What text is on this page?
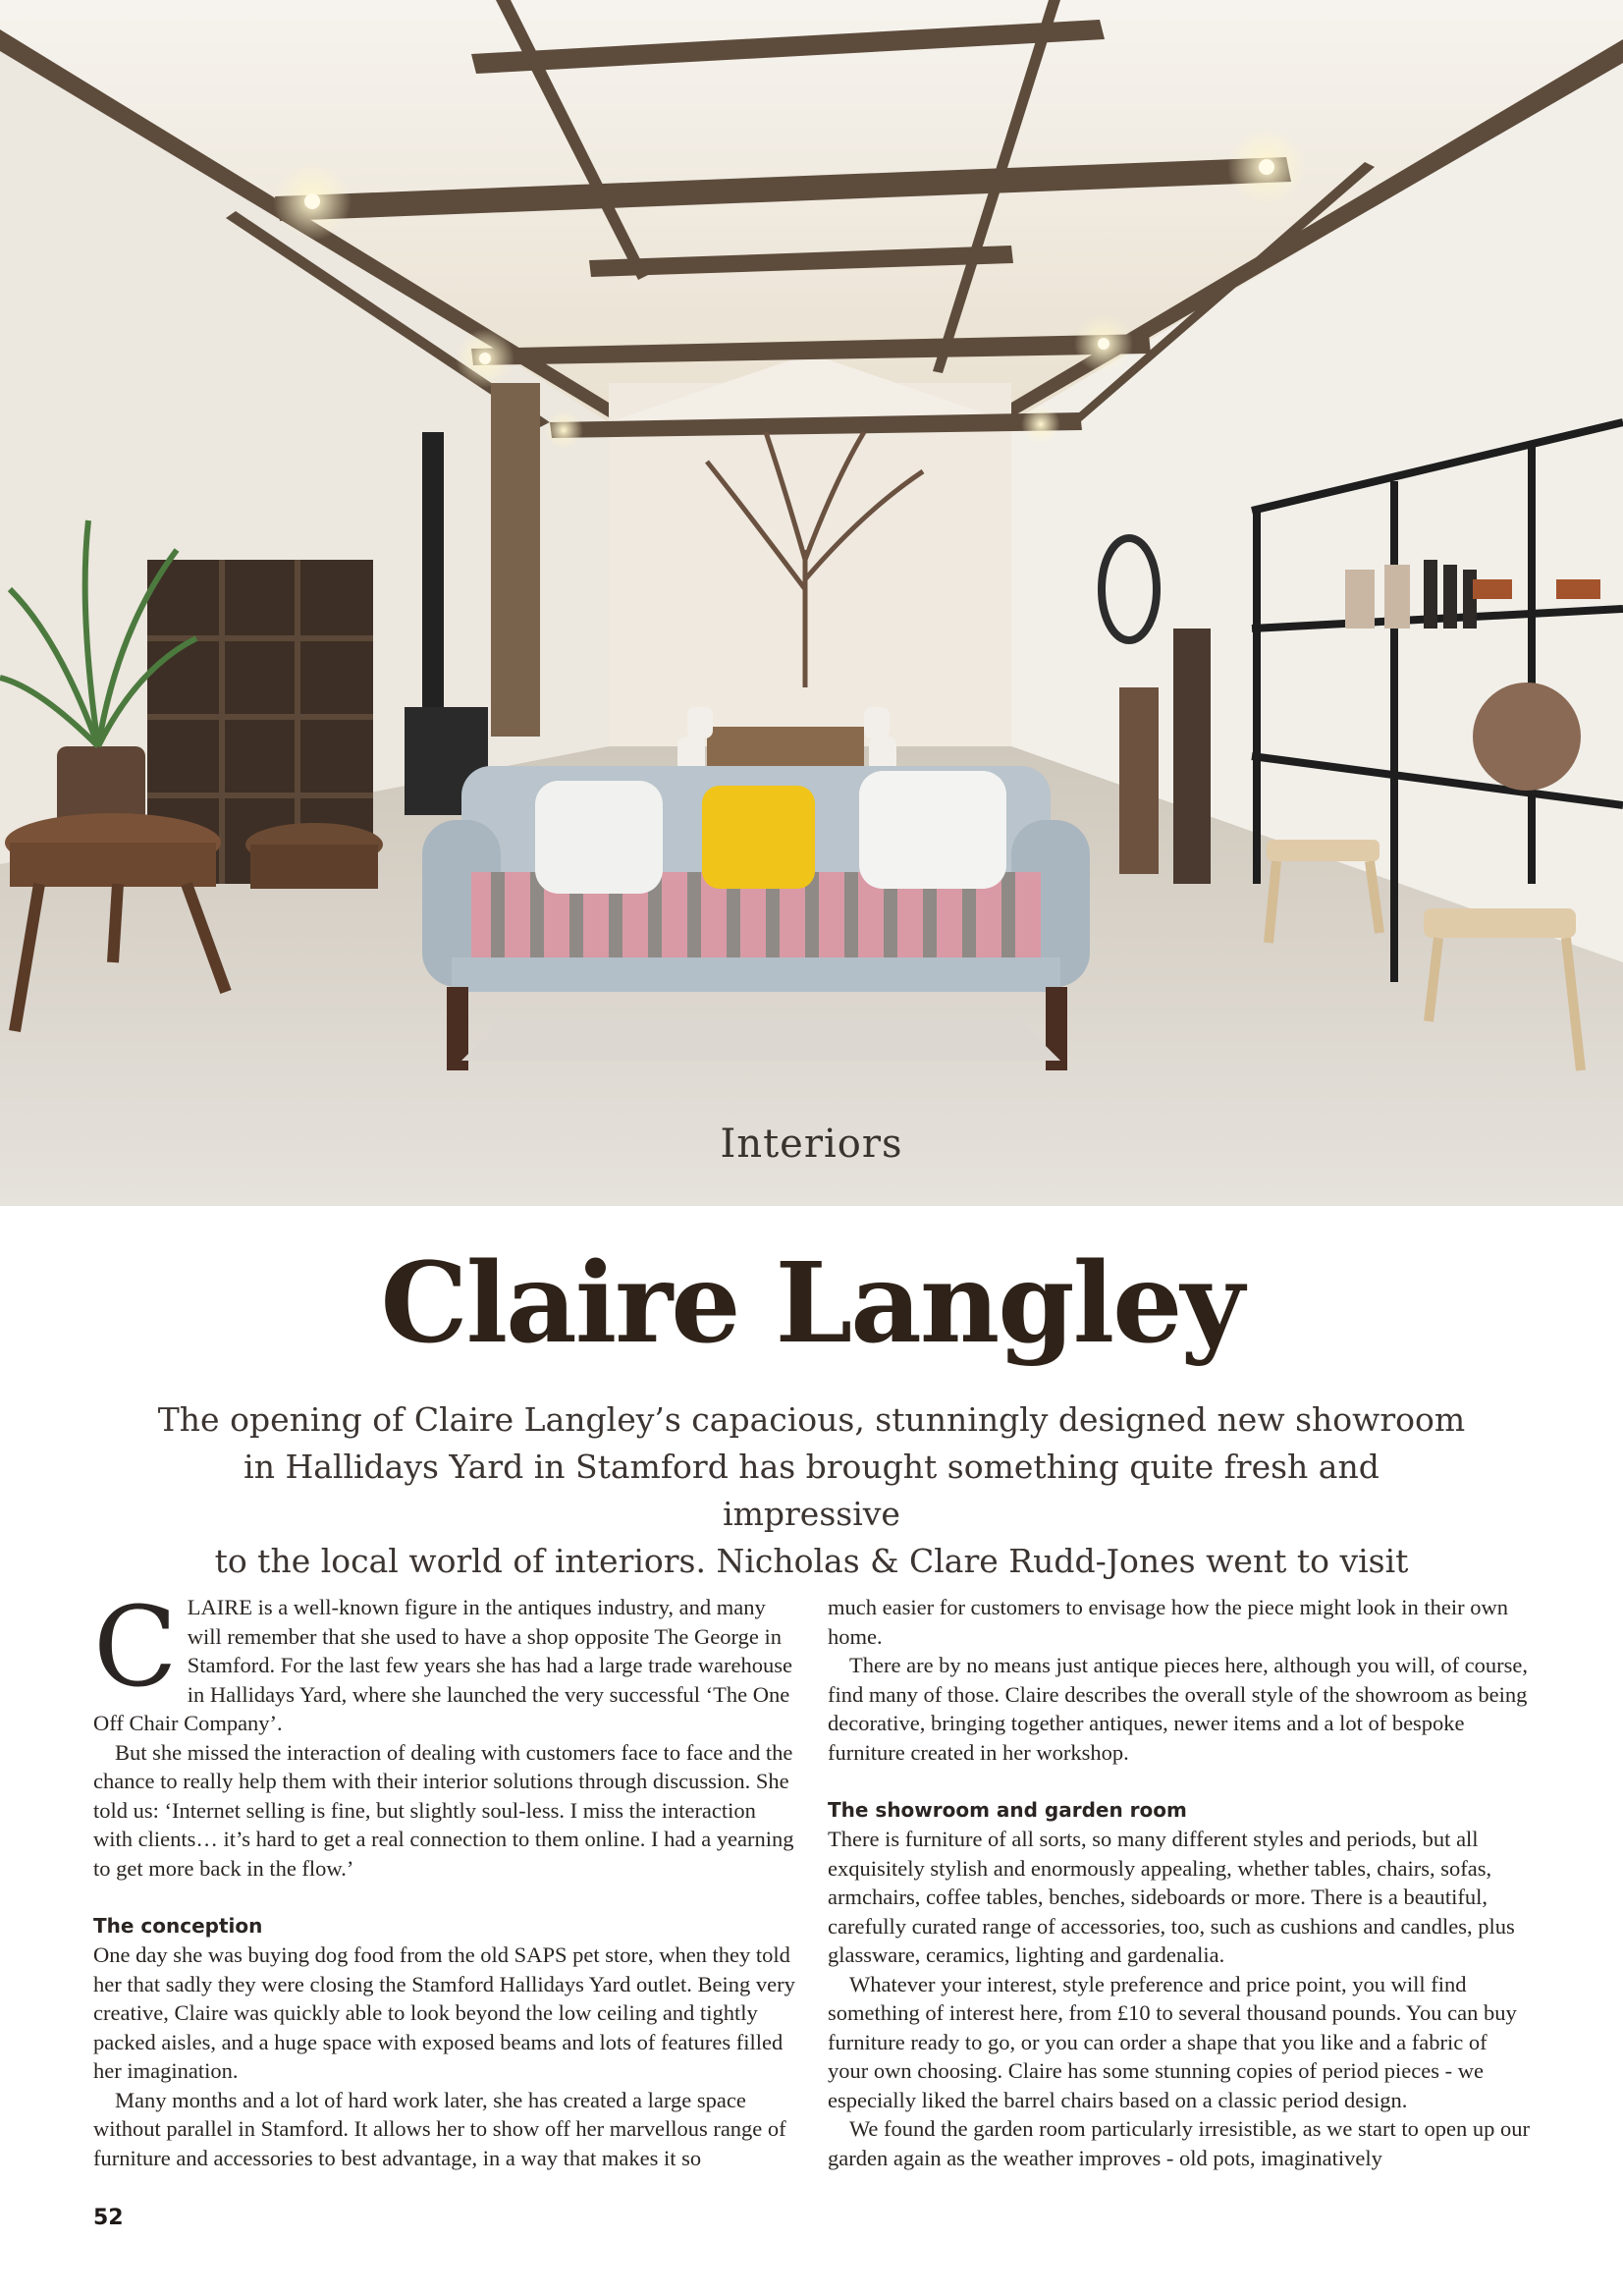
Interiors
Claire Langley
The opening of Claire Langley’s capacious, stunningly designed new showroom
in Hallidays Yard in Stamford has brought something quite fresh and impressive
to the local world of interiors. Nicholas & Clare Rudd-Jones went to visit

CLAIRE is a well-known figure in the antiques industry, and many will remember that she used to have a shop opposite The George in Stamford. For the last few years she has had a large trade warehouse in Hallidays Yard, where she launched the very successful ‘The One Off Chair Company’.

But she missed the interaction of dealing with customers face to face and the chance to really help them with their interior solutions through discussion. She told us: ‘Internet selling is fine, but slightly soul-less. I miss the interaction with clients… it’s hard to get a real connection to them online. I had a yearning to get more back in the flow.’

The conception

One day she was buying dog food from the old SAPS pet store, when they told her that sadly they were closing the Stamford Hallidays Yard outlet. Being very creative, Claire was quickly able to look beyond the low ceiling and tightly packed aisles, and a huge space with exposed beams and lots of features filled her imagination.

Many months and a lot of hard work later, she has created a large space without parallel in Stamford. It allows her to show off her marvellous range of furniture and accessories to best advantage, in a way that makes it so

much easier for customers to envisage how the piece might look in their own home.

There are by no means just antique pieces here, although you will, of course, find many of those. Claire describes the overall style of the showroom as being decorative, bringing together antiques, newer items and a lot of bespoke furniture created in her workshop.

The showroom and garden room

There is furniture of all sorts, so many different styles and periods, but all exquisitely stylish and enormously appealing, whether tables, chairs, sofas, armchairs, coffee tables, benches, sideboards or more. There is a beautiful, carefully curated range of accessories, too, such as cushions and candles, plus glassware, ceramics, lighting and gardenalia.

Whatever your interest, style preference and price point, you will find something of interest here, from £10 to several thousand pounds. You can buy furniture ready to go, or you can order a shape that you like and a fabric of your own choosing. Claire has some stunning copies of period pieces - we especially liked the barrel chairs based on a classic period design.

We found the garden room particularly irresistible, as we start to open up our garden again as the weather improves - old pots, imaginatively

52
